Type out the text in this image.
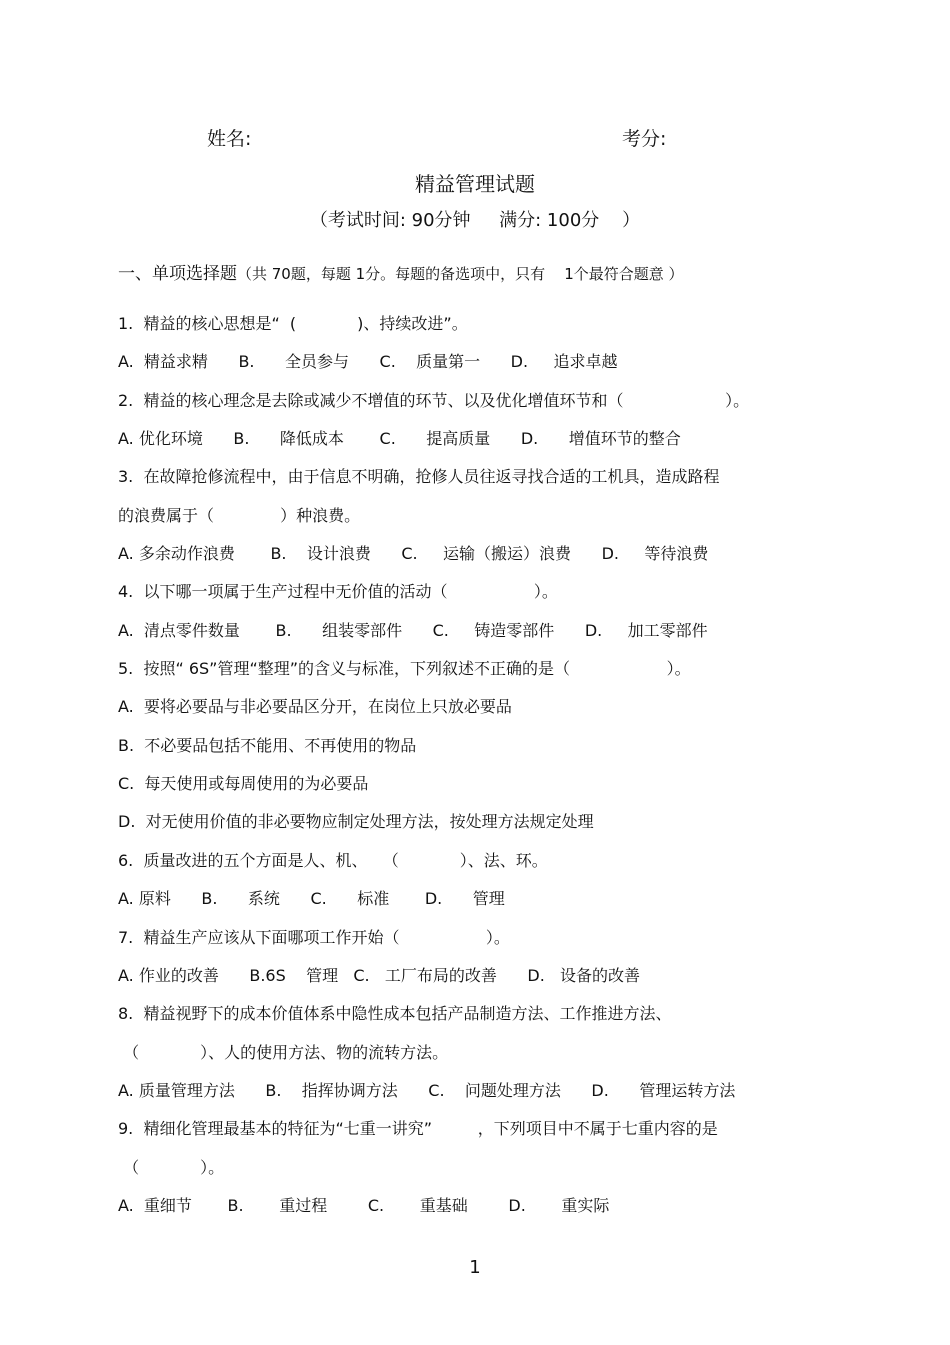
姓名:	考分:
精益管理试题
（考试时间: 90分钟     满分: 100分    ）
一、单项选择题（共 70题，每题 1分。每题的备选项中，只有    1个最符合题意 ）
1.  精益的核心思想是“  (            )、持续改进”。
A.  精益求精      B.      全员参与      C.    质量第一      D.     追求卓越
2.  精益的核心理念是去除或减少不增值的环节、以及优化增值环节和（                    ）。
A. 优化环境      B.      降低成本       C.      提高质量      D.      增值环节的整合
3.  在故障抢修流程中，由于信息不明确，抢修人员往返寻找合适的工机具，造成路程
的浪费属于（             ）种浪费。
A. 多余动作浪费       B.    设计浪费      C.     运输（搬运）浪费      D.     等待浪费
4.  以下哪一项属于生产过程中无价值的活动（                 ）。
A.  清点零件数量       B.      组装零部件      C.     铸造零部件      D.     加工零部件
5.  按照“ 6S”管理“整理”的含义与标准，下列叙述不正确的是（                   ）。
A.  要将必要品与非必要品区分开，在岗位上只放必要品
B.  不必要品包括不能用、不再使用的物品
C.  每天使用或每周使用的为必要品
D.  对无使用价值的非必要物应制定处理方法，按处理方法规定处理
6.  质量改进的五个方面是人、机、   （            ）、法、环。
A. 原料      B.      系统      C.      标准       D.      管理
7.  精益生产应该从下面哪项工作开始（                 ）。
A. 作业的改善      B.6S    管理   C.   工厂布局的改善      D.   设备的改善
8.  精益视野下的成本价值体系中隐性成本包括产品制造方法、工作推进方法、
（            ）、人的使用方法、物的流转方法。
A. 质量管理方法      B.    指挥协调方法      C.    问题处理方法      D.      管理运转方法
9.  精细化管理最基本的特征为“七重一讲究”         ，下列项目中不属于七重内容的是
（            ）。
A.  重细节       B.       重过程        C.       重基础        D.       重实际
1
